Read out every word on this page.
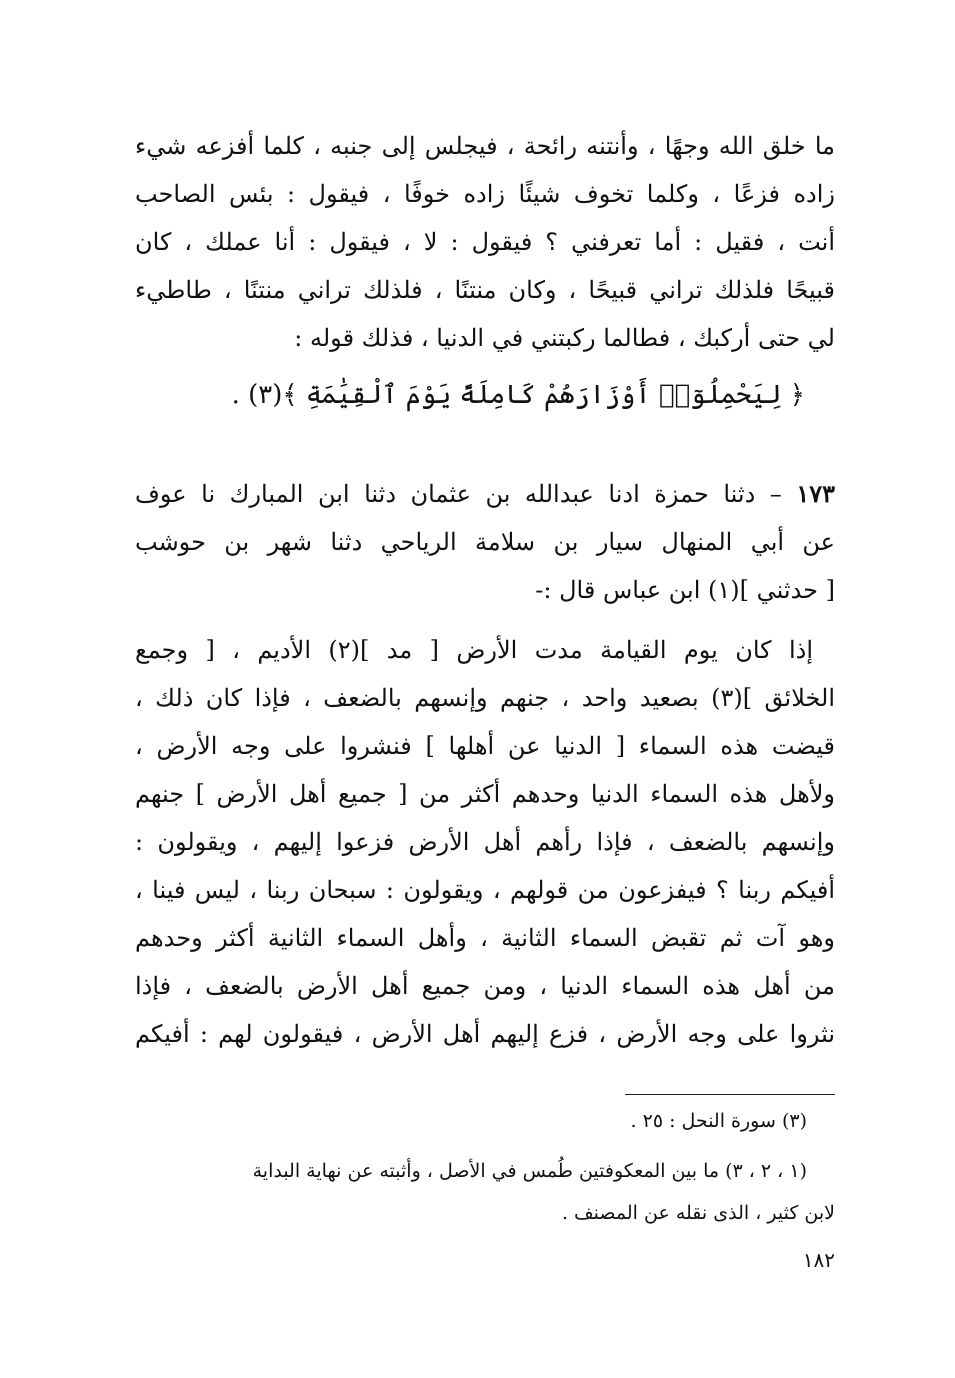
ما خلق الله وجهًا ، وأنتنه رائحة ، فيجلس إلى جنبه ، كلما أفزعه شيء
زاده فزعًا ، وكلما تخوف شيئًا زاده خوفًا ، فيقول : بئس الصاحب
أنت ، فقيل : أما تعرفني ؟ فيقول : لا ، فيقول : أنا عملك ، كان
قبيحًا فلذلك تراني قبيحًا ، وكان منتنًا ، فلذلك تراني منتنًا ، طاطيء
لي حتى أركبك ، فطالما ركبتني في الدنيا ، فذلك قوله :
﴿ لِيَحْمِلُوٓا۟ أَوْزَارَهُمْ كَامِلَةً يَوْمَ ٱلْقِيَٰمَةِ ﴾(٣) .
١٧٣ – دثنا حمزة ادنا عبدالله بن عثمان دثنا ابن المبارك نا عوف
عن أبي المنهال سيار بن سلامة الرياحي دثنا شهر بن حوشب
[ حدثني ](١) ابن عباس قال :-
إذا كان يوم القيامة مدت الأرض [ مد ](٢) الأديم ، [ وجمع
الخلائق ](٣) بصعيد واحد ، جنهم وإنسهم بالضعف ، فإذا كان ذلك ،
قيضت هذه السماء [ الدنيا عن أهلها ] فنشروا على وجه الأرض ،
ولأهل هذه السماء الدنيا وحدهم أكثر من [ جميع أهل الأرض ] جنهم
وإنسهم بالضعف ، فإذا رأهم أهل الأرض فزعوا إليهم ، ويقولون :
أفيكم ربنا ؟ فيفزعون من قولهم ، ويقولون : سبحان ربنا ، ليس فينا ،
وهو آت ثم تقبض السماء الثانية ، وأهل السماء الثانية أكثر وحدهم
من أهل هذه السماء الدنيا ، ومن جميع أهل الأرض بالضعف ، فإذا
نثروا على وجه الأرض ، فزع إليهم أهل الأرض ، فيقولون لهم : أفيكم
(٣) سورة النحل : ٢٥ .
(١ ، ٢ ، ٣) ما بين المعكوفتين طُمس في الأصل ، وأثبته عن نهاية البداية
لابن كثير ، الذى نقله عن المصنف .
١٨٢
